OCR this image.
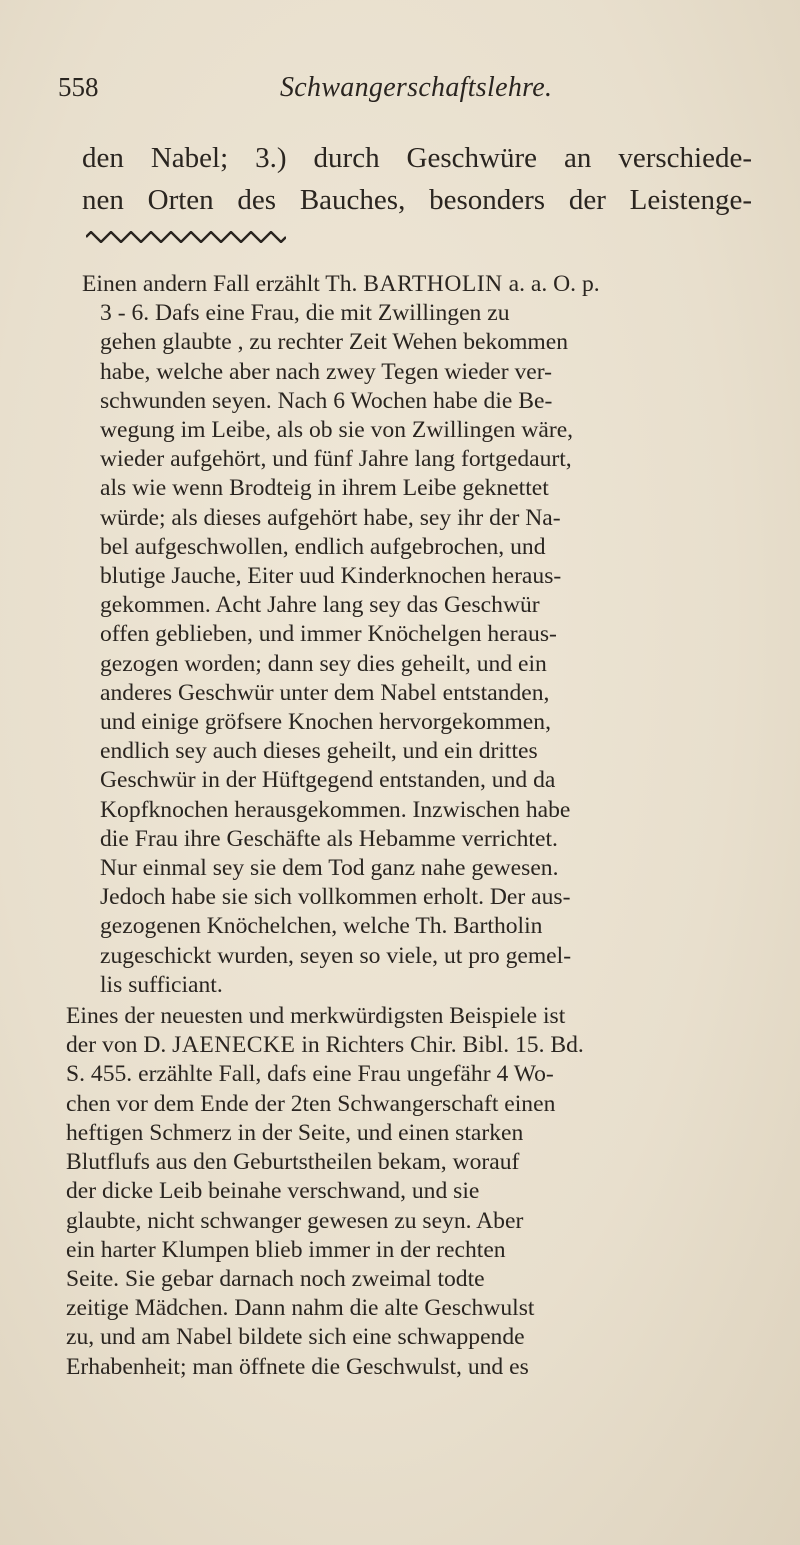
558	Schwangerschaftslehre.

den Nabel; 3.) durch Geschwüre an verschiede-

nen Orten des Bauches, besonders der Leistenge-

Einen andern Fall erzählt Th. BARTHOLIN a. a. O. p.
3 - 6. Dafs eine Frau, die mit Zwillingen zu
gehen glaubte , zu rechter Zeit Wehen bekommen
habe, welche aber nach zwey Tegen wieder ver-
schwunden seyen. Nach 6 Wochen habe die Be-
wegung im Leibe, als ob sie von Zwillingen wäre,
wieder aufgehört, und fünf Jahre lang fortgedaurt,
als wie wenn Brodteig in ihrem Leibe geknettet
würde; als dieses aufgehört habe, sey ihr der Na-
bel aufgeschwollen, endlich aufgebrochen, und
blutige Jauche, Eiter uud Kinderknochen heraus-
gekommen. Acht Jahre lang sey das Geschwür
offen geblieben, und immer Knöchelgen heraus-
gezogen worden; dann sey dies geheilt, und ein
anderes Geschwür unter dem Nabel entstanden,
und einige gröfsere Knochen hervorgekommen,
endlich sey auch dieses geheilt, und ein drittes
Geschwür in der Hüftgegend entstanden, und da
Kopfknochen herausgekommen. Inzwischen habe
die Frau ihre Geschäfte als Hebamme verrichtet.
Nur einmal sey sie dem Tod ganz nahe gewesen.
Jedoch habe sie sich vollkommen erholt. Der aus-
gezogenen Knöchelchen, welche Th. Bartholin
zugeschickt wurden, seyen so viele, ut pro gemel-
lis sufficiant.
Eines der neuesten und merkwürdigsten Beispiele ist
der von D. JAENECKE in Richters Chir. Bibl. 15. Bd.
S. 455. erzählte Fall, dafs eine Frau ungefähr 4 Wo-
chen vor dem Ende der 2ten Schwangerschaft einen
heftigen Schmerz in der Seite, und einen starken
Blutflufs aus den Geburtstheilen bekam, worauf
der dicke Leib beinahe verschwand, und sie
glaubte, nicht schwanger gewesen zu seyn. Aber
ein harter Klumpen blieb immer in der rechten
Seite. Sie gebar darnach noch zweimal todte
zeitige Mädchen. Dann nahm die alte Geschwulst
zu, und am Nabel bildete sich eine schwappende
Erhabenheit; man öffnete die Geschwulst, und es
